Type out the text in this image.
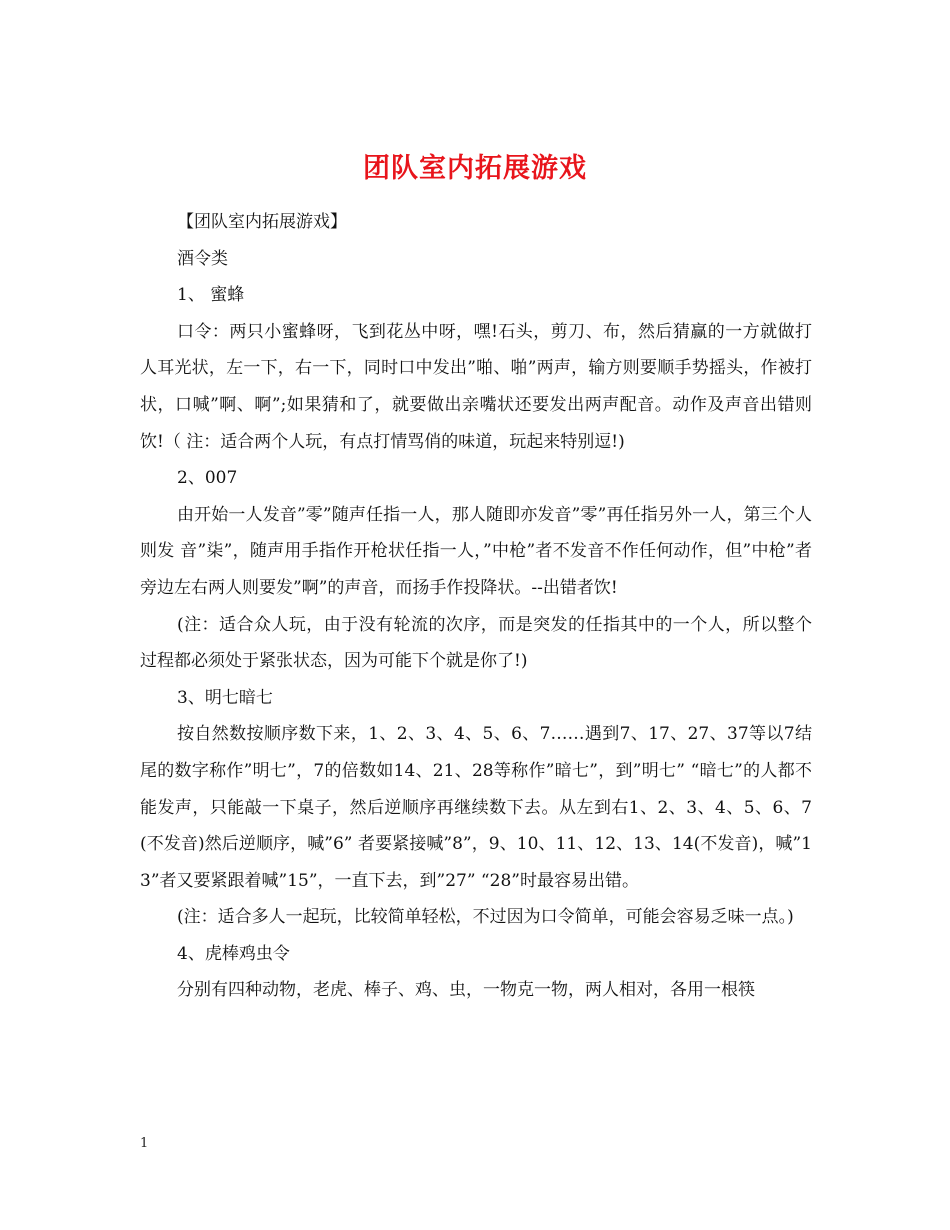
团队室内拓展游戏

【团队室内拓展游戏】

酒令类

1、 蜜蜂

口令：两只小蜜蜂呀，飞到花丛中呀，嘿!石头，剪刀、布，然后猜赢的一方就做打人耳光状，左一下，右一下，同时口中发出”啪、啪”两声，输方则要顺手势摇头，作被打状，口喊”啊、啊”;如果猜和了，就要做出亲嘴状还要发出两声配音。动作及声音出错则饮!（ 注：适合两个人玩，有点打情骂俏的味道，玩起来特别逗!)

2、007

由开始一人发音”零”随声任指一人，那人随即亦发音”零”再任指另外一人，第三个人则发 音”柒”，随声用手指作开枪状任指一人，”中枪”者不发音不作任何动作，但”中枪”者旁边左右两人则要发”啊”的声音，而扬手作投降状。--出错者饮!

(注：适合众人玩，由于没有轮流的次序，而是突发的任指其中的一个人，所以整个过程都必须处于紧张状态，因为可能下个就是你了!)

3、明七暗七

按自然数按顺序数下来，1、2、3、4、5、6、7……遇到7、17、27、37等以7结尾的数字称作”明七”，7的倍数如14、21、28等称作”暗七”，到”明七” “暗七”的人都不能发声，只能敲一下桌子，然后逆顺序再继续数下去。从左到右1、2、3、4、5、6、7(不发音)然后逆顺序，喊”6” 者要紧接喊”8”，9、10、11、12、13、14(不发音)，喊”13”者又要紧跟着喊”15”，一直下去，到”27” “28”时最容易出错。

(注：适合多人一起玩，比较简单轻松，不过因为口令简单，可能会容易乏味一点。)

4、虎棒鸡虫令

分别有四种动物，老虎、棒子、鸡、虫，一物克一物，两人相对，各用一根筷

1
